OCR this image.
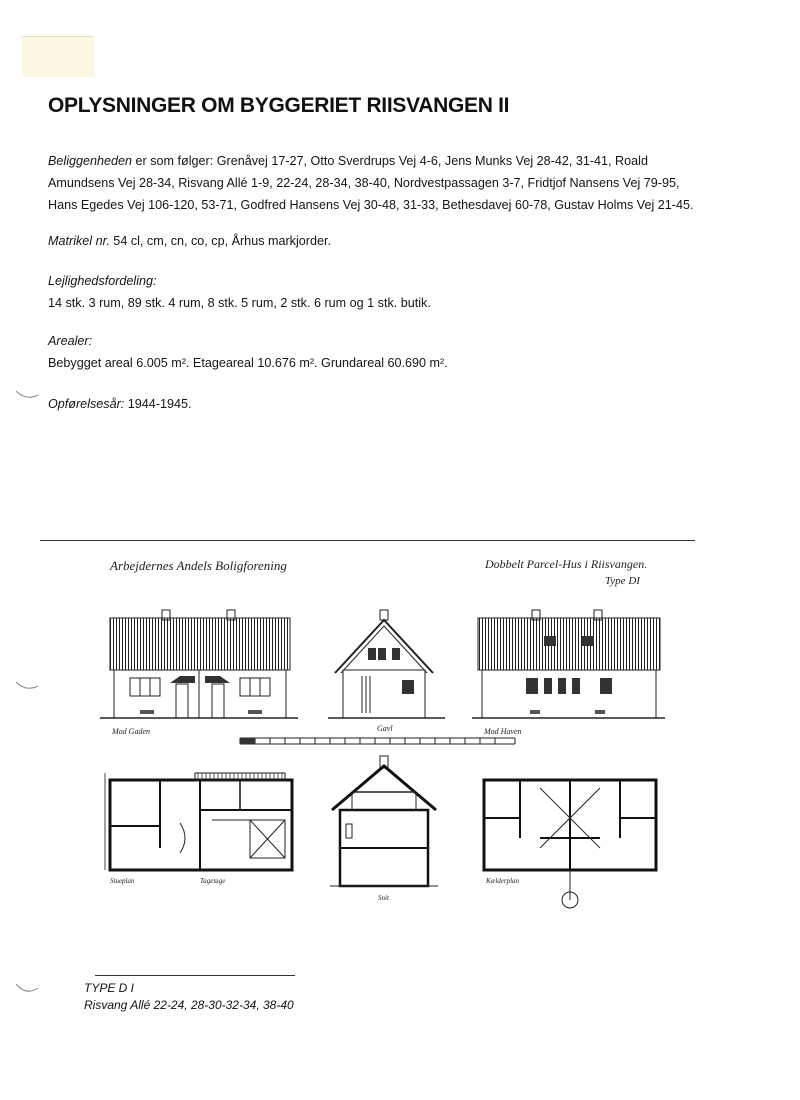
OPLYSNINGER OM BYGGERIET RIISVANGEN II
Beliggenheden er som følger: Grenåvej 17-27, Otto Sverdrups Vej 4-6, Jens Munks Vej 28-42, 31-41, Roald Amundsens Vej 28-34, Risvang Allé 1-9, 22-24, 28-34, 38-40, Nordvestpassagen 3-7, Fridtjof Nansens Vej 79-95, Hans Egedes Vej 106-120, 53-71, Godfred Hansens Vej 30-48, 31-33, Bethesdavej 60-78, Gustav Holms Vej 21-45.
Matrikel nr. 54 cl, cm, cn, co, cp, Århus markjorder.
Lejlighedsfordeling:
14 stk. 3 rum, 89 stk. 4 rum, 8 stk. 5 rum, 2 stk. 6 rum og 1 stk. butik.
Arealer:
Bebygget areal 6.005 m². Etageareal 10.676 m². Grundareal 60.690 m².
Opførelsesår: 1944-1945.
Arbejdernes Andels Boligforening	Dobbelt Parcel-Hus i Riisvangen.
Type DI
Mod Gaden	Gavl	Mod Haven
Stueplan	Tagetage
Snit
Kælderplan
TYPE D I
Risvang Allé 22-24, 28-30-32-34, 38-40
